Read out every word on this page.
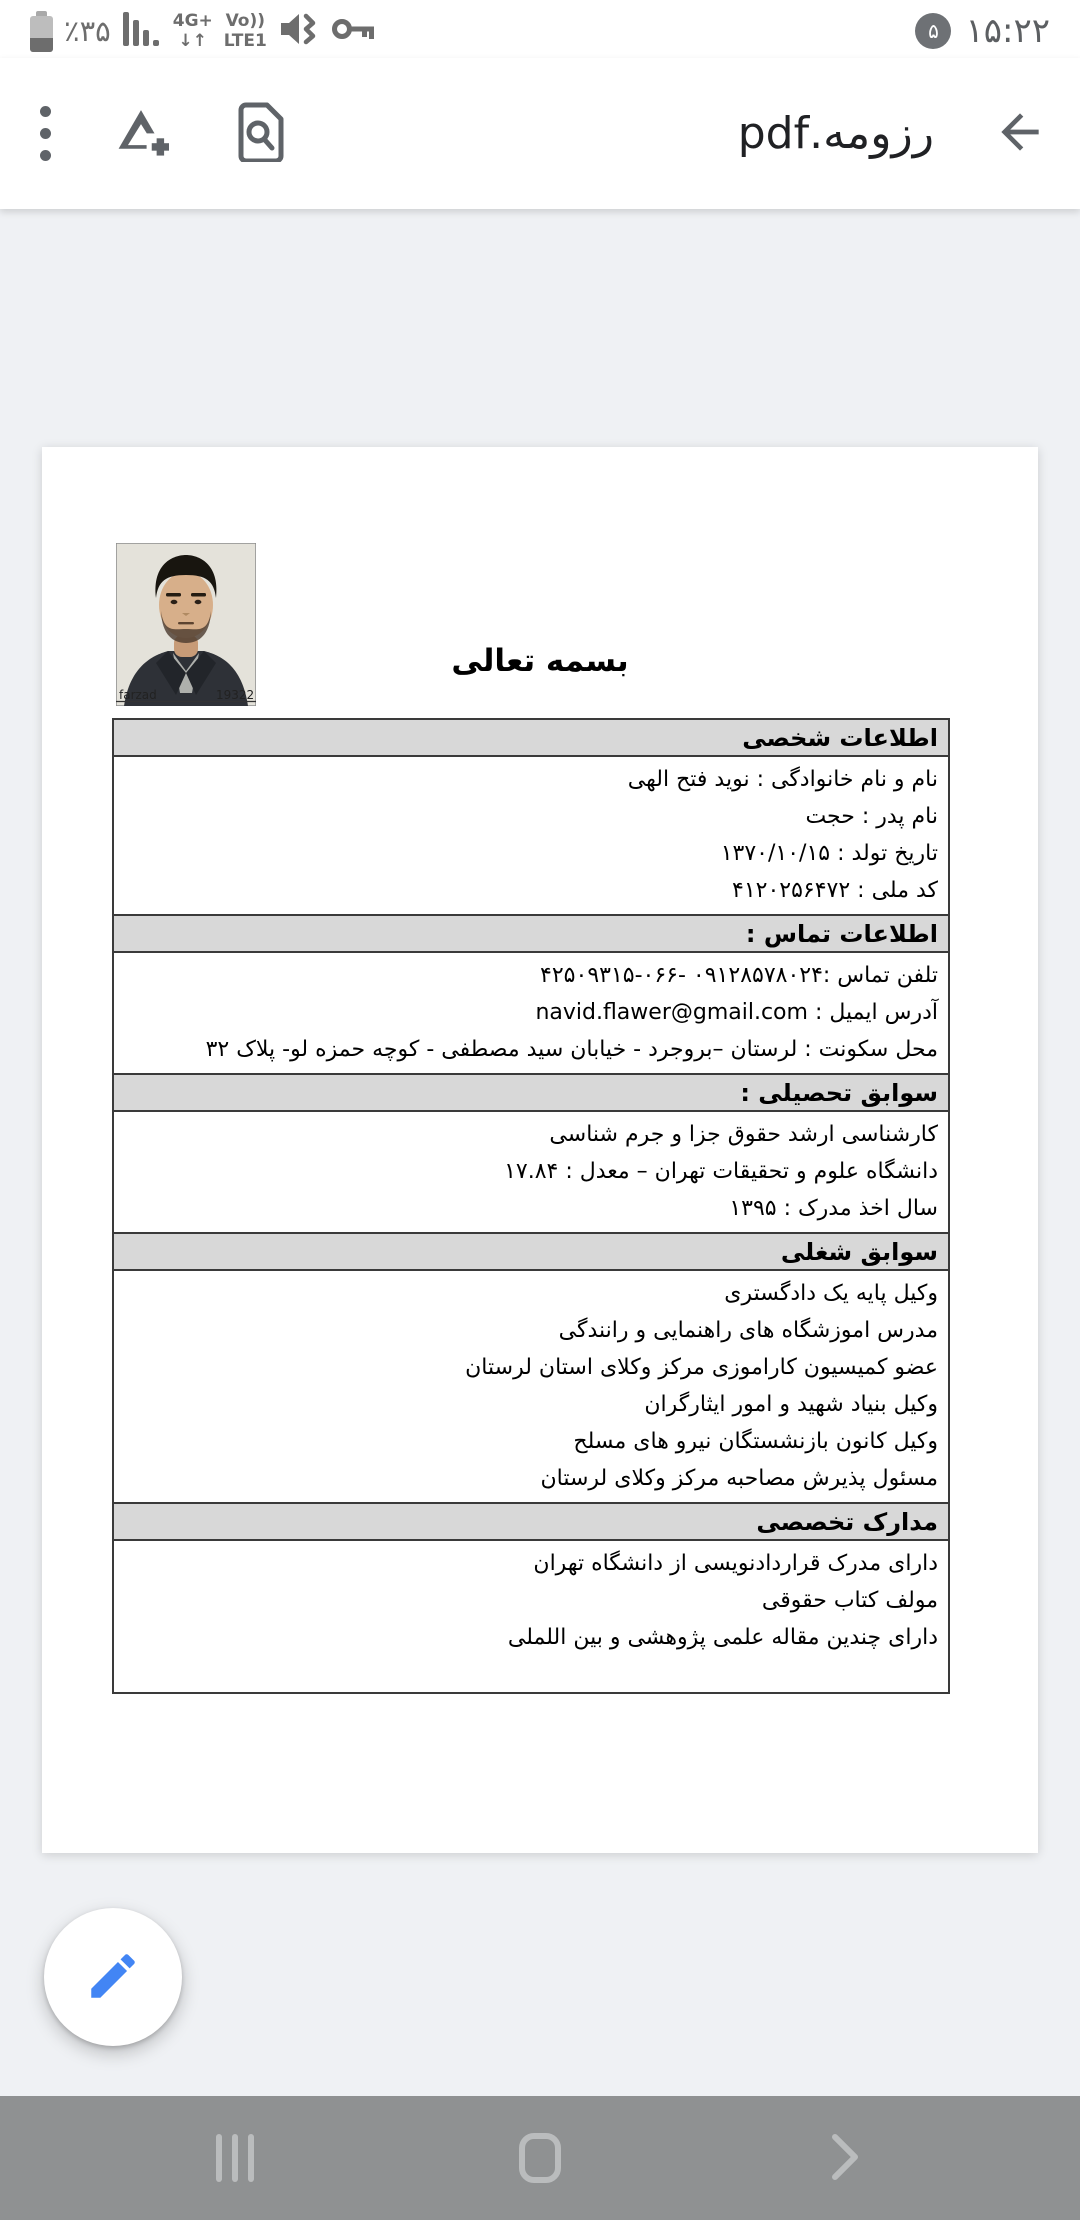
٪۳۵	4G+
↓↑
Vo))
LTE1	۵ ۱۵:۲۲
رزومه.pdf
farzad	19322
بسمه تعالی
اطلاعات شخصی
نام و نام خانوادگی : نوید فتح الهی
نام پدر : حجت
تاریخ تولد : ۱۳۷۰/۱۰/۱۵
کد ملی : ۴۱۲۰۲۵۶۴۷۲
اطلاعات تماس :
تلفن تماس :۰۹۱۲۸۵۷۸۰۲۴ -۰۶۶-۴۲۵۰۹۳۱۵
آدرس ایمیل : navid.flawer@gmail.com
محل سکونت : لرستان –بروجرد - خیابان سید مصطفی - کوچه حمزه لو- پلاک ۳۲
سوابق تحصیلی :
کارشناسی ارشد حقوق جزا و جرم شناسی
دانشگاه علوم و تحقیقات تهران – معدل : ۱۷.۸۴
سال اخذ مدرک : ۱۳۹۵
سوابق شغلی
وکیل پایه یک دادگستری
مدرس اموزشگاه های راهنمایی و رانندگی
عضو کمیسیون کاراموزی مرکز وکلای استان لرستان
وکیل بنیاد شهید و امور ایثارگران
وکیل کانون بازنشستگان نیرو های مسلح
مسئول پذیرش مصاحبه مرکز وکلای لرستان
مدارک تخصصی
دارای مدرک قراردادنویسی از دانشگاه تهران
مولف کتاب حقوقی
دارای چندین مقاله علمی پژوهشی و بین اللملی
